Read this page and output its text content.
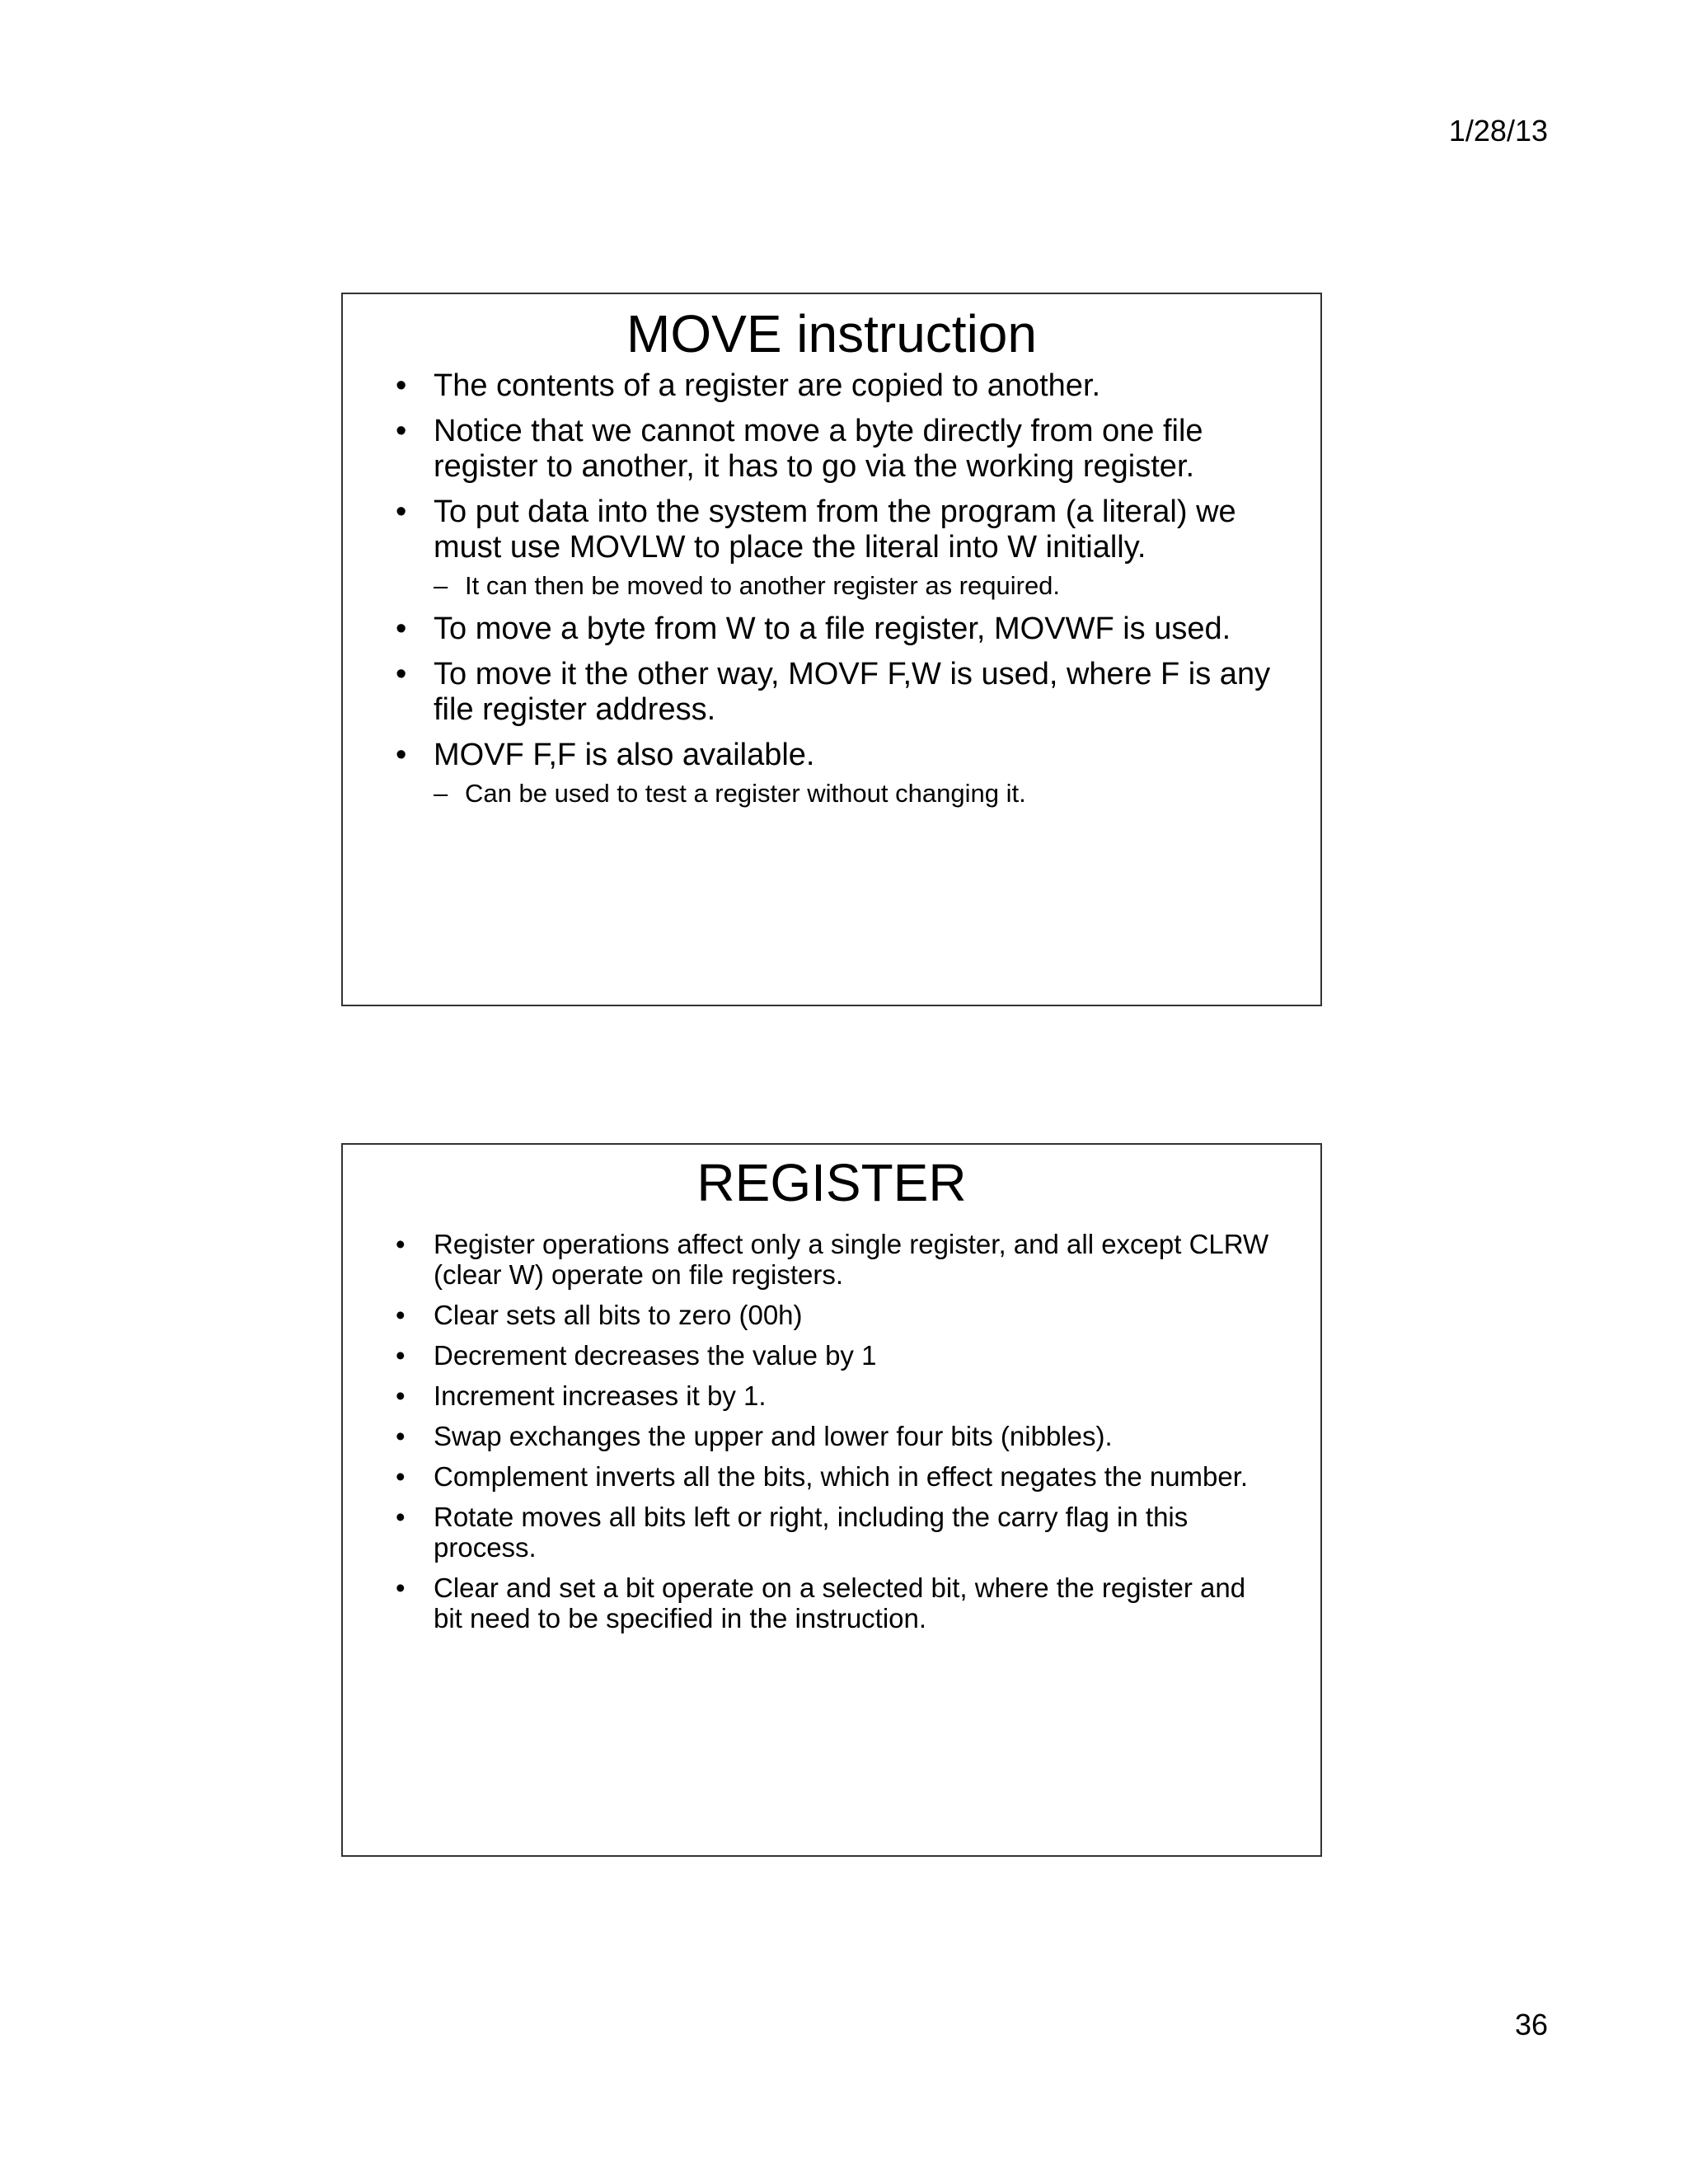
1/28/13
MOVE instruction
• The contents of a register are copied to another.
• Notice that we cannot move a byte directly from one file register to another, it has to go via the working register.
• To put data into the system from the program (a literal) we must use MOVLW to place the literal into W initially.
– It can then be moved to another register as required.
• To move a byte from W to a file register, MOVWF is used.
• To move it the other way, MOVF F,W is used, where F is any file register address.
• MOVF F,F is also available.
– Can be used to test a register without changing it.
REGISTER
• Register operations affect only a single register, and all except CLRW (clear W) operate on file registers.
• Clear sets all bits to zero (00h)
• Decrement decreases the value by 1
• Increment increases it by 1.
• Swap exchanges the upper and lower four bits (nibbles).
• Complement inverts all the bits, which in effect negates the number.
• Rotate moves all bits left or right, including the carry flag in this process.
• Clear and set a bit operate on a selected bit, where the register and bit need to be specified in the instruction.
36
